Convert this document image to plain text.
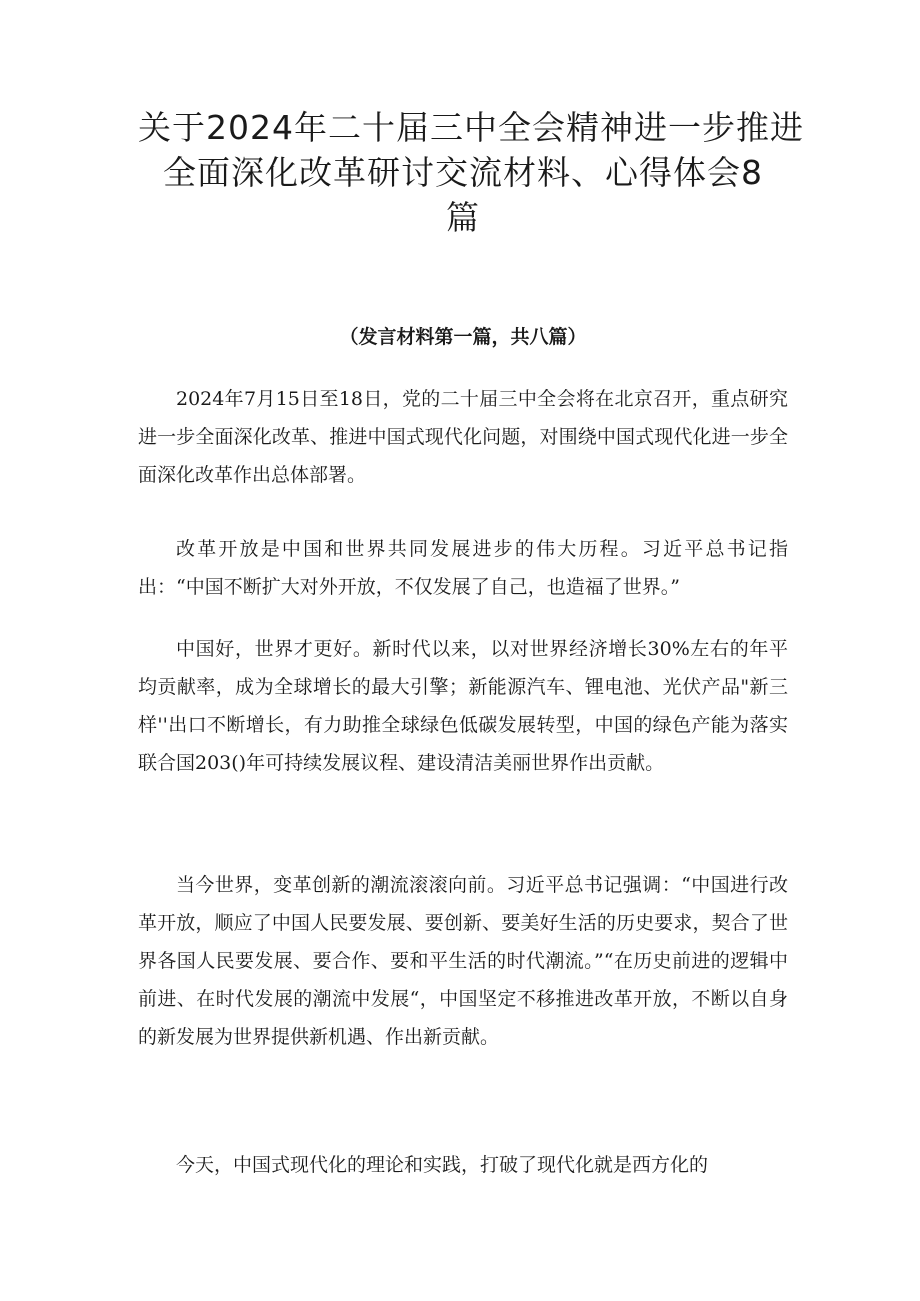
关于2024年二十届三中全会精神进一步推进
全面深化改革研讨交流材料、心得体会8
篇

（发言材料第一篇，共八篇）

2024年7月15日至18日，党的二十届三中全会将在北京召开，重点研究进一步全面深化改革、推进中国式现代化问题，对围绕中国式现代化进一步全面深化改革作出总体部署。

改革开放是中国和世界共同发展进步的伟大历程。习近平总书记指出：“中国不断扩大对外开放，不仅发展了自己，也造福了世界。”

中国好，世界才更好。新时代以来，以对世界经济增长30%左右的年平均贡献率，成为全球增长的最大引擎；新能源汽车、锂电池、光伏产品"新三样''出口不断增长，有力助推全球绿色低碳发展转型，中国的绿色产能为落实联合国203()年可持续发展议程、建设清洁美丽世界作出贡献。

当今世界，变革创新的潮流滚滚向前。习近平总书记强调：“中国进行改革开放，顺应了中国人民要发展、要创新、要美好生活的历史要求，契合了世界各国人民要发展、要合作、要和平生活的时代潮流。”“在历史前进的逻辑中前进、在时代发展的潮流中发展“，中国坚定不移推进改革开放，不断以自身的新发展为世界提供新机遇、作出新贡献。

今天，中国式现代化的理论和实践，打破了现代化就是西方化的
